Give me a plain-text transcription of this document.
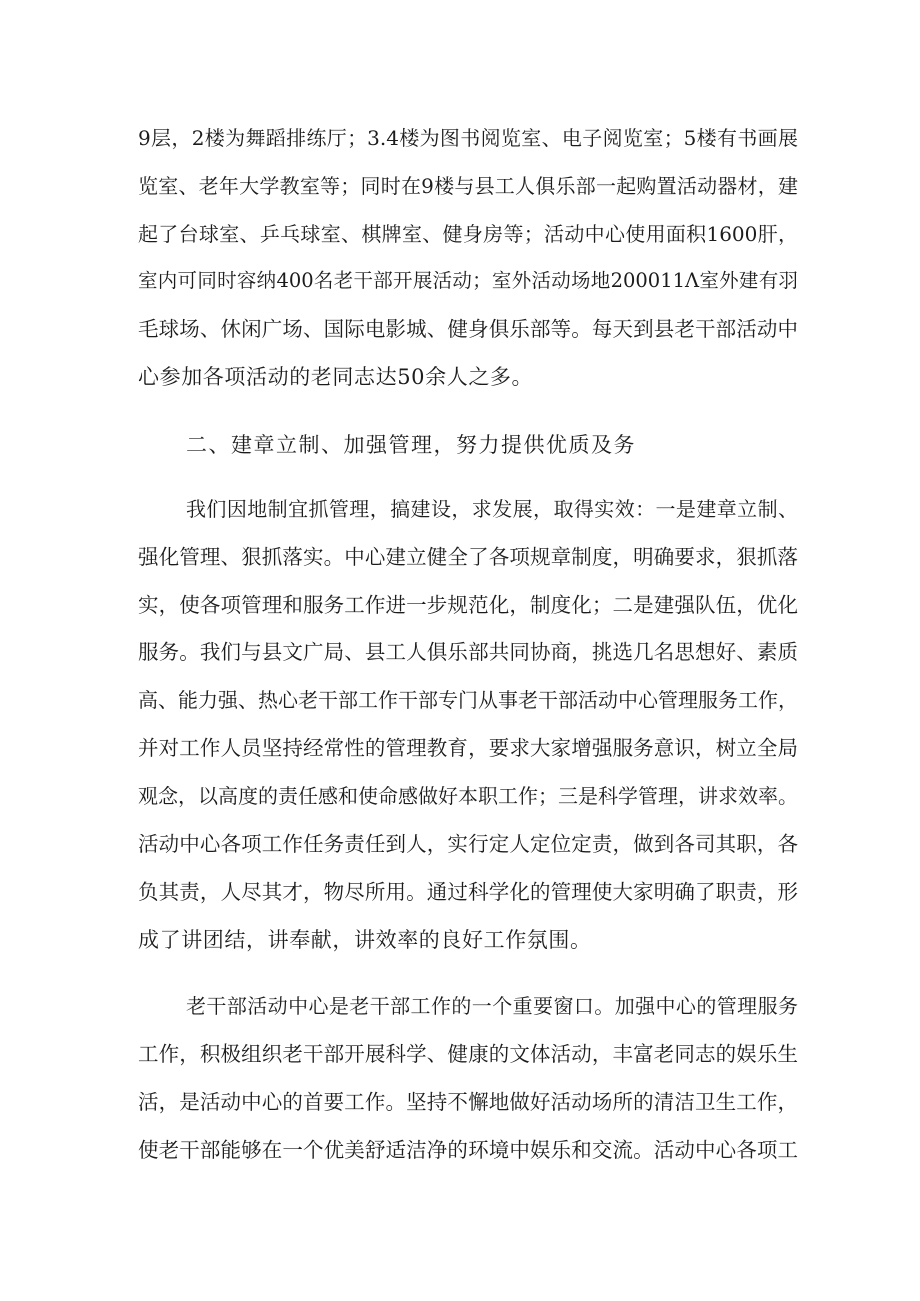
9层，2楼为舞蹈排练厅；3.4楼为图书阅览室、电子阅览室；5楼有书画展
览室、老年大学教室等；同时在9楼与县工人俱乐部一起购置活动器材，建
起了台球室、乒乓球室、棋牌室、健身房等；活动中心使用面积1600肝，
室内可同时容纳400名老干部开展活动；室外活动场地200011Λ室外建有羽
毛球场、休闲广场、国际电影城、健身俱乐部等。每天到县老干部活动中
心参加各项活动的老同志达50余人之多。
二、建章立制、加强管理，努力提供优质及务
我们因地制宜抓管理，搞建设，求发展，取得实效：一是建章立制、
强化管理、狠抓落实。中心建立健全了各项规章制度，明确要求，狠抓落
实，使各项管理和服务工作进一步规范化，制度化；二是建强队伍，优化
服务。我们与县文广局、县工人俱乐部共同协商，挑选几名思想好、素质
高、能力强、热心老干部工作干部专门从事老干部活动中心管理服务工作，
并对工作人员坚持经常性的管理教育，要求大家增强服务意识，树立全局
观念，以高度的责任感和使命感做好本职工作；三是科学管理，讲求效率。
活动中心各项工作任务责任到人，实行定人定位定责，做到各司其职，各
负其责，人尽其才，物尽所用。通过科学化的管理使大家明确了职责，形
成了讲团结，讲奉献，讲效率的良好工作氛围。
老干部活动中心是老干部工作的一个重要窗口。加强中心的管理服务
工作，积极组织老干部开展科学、健康的文体活动，丰富老同志的娱乐生
活，是活动中心的首要工作。坚持不懈地做好活动场所的清洁卫生工作，
使老干部能够在一个优美舒适洁净的环境中娱乐和交流。活动中心各项工
